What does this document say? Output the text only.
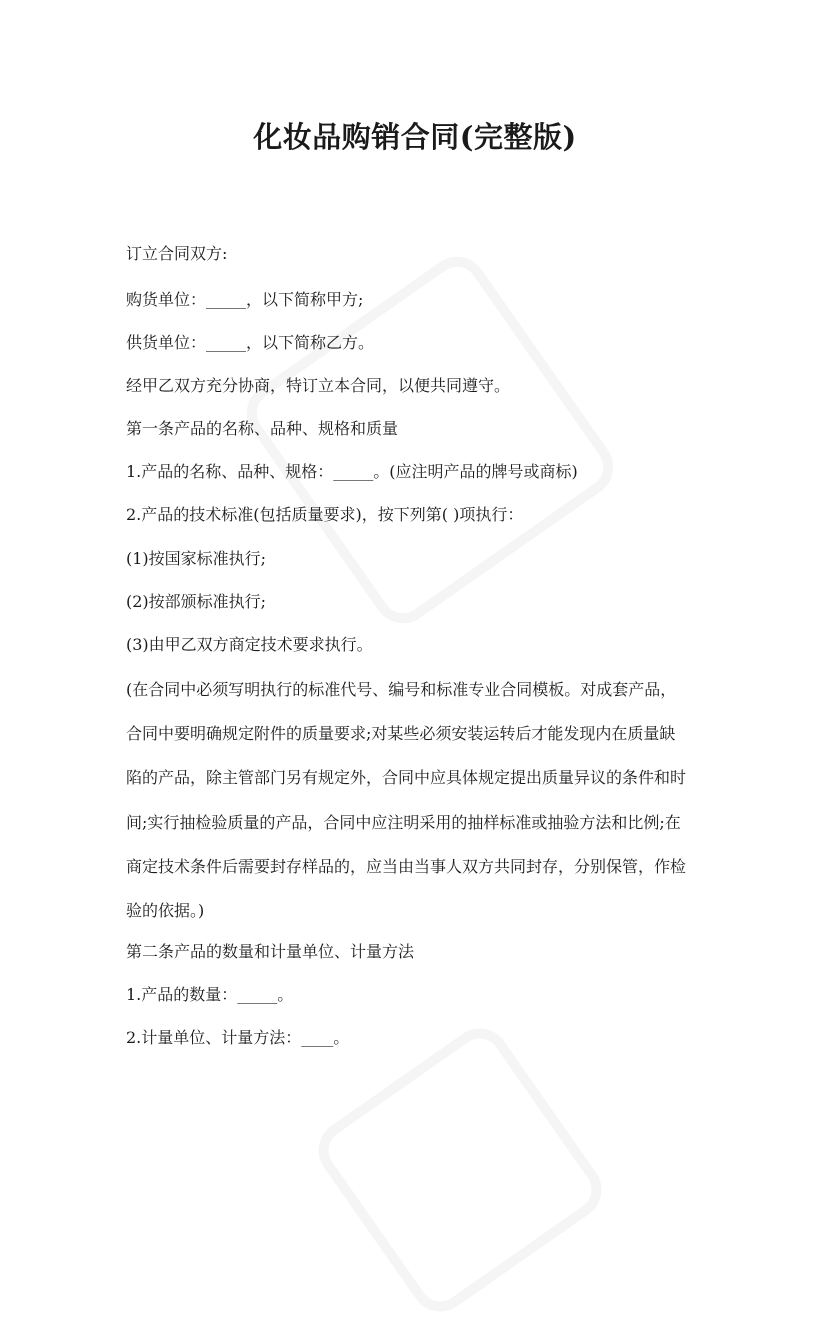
化妆品购销合同(完整版)
订立合同双方:
购货单位：_____，以下简称甲方;
供货单位：_____，以下简称乙方。
经甲乙双方充分协商，特订立本合同，以便共同遵守。
第一条产品的名称、品种、规格和质量
1.产品的名称、品种、规格：_____。(应注明产品的牌号或商标)
2.产品的技术标准(包括质量要求)，按下列第( )项执行：
(1)按国家标准执行;
(2)按部颁标准执行;
(3)由甲乙双方商定技术要求执行。
(在合同中必须写明执行的标准代号、编号和标准专业合同模板。对成套产品，
合同中要明确规定附件的质量要求;对某些必须安装运转后才能发现内在质量缺
陷的产品，除主管部门另有规定外，合同中应具体规定提出质量异议的条件和时
间;实行抽检验质量的产品，合同中应注明采用的抽样标准或抽验方法和比例;在
商定技术条件后需要封存样品的，应当由当事人双方共同封存，分别保管，作检
验的依据。)
第二条产品的数量和计量单位、计量方法
1.产品的数量：_____。
2.计量单位、计量方法：____。
